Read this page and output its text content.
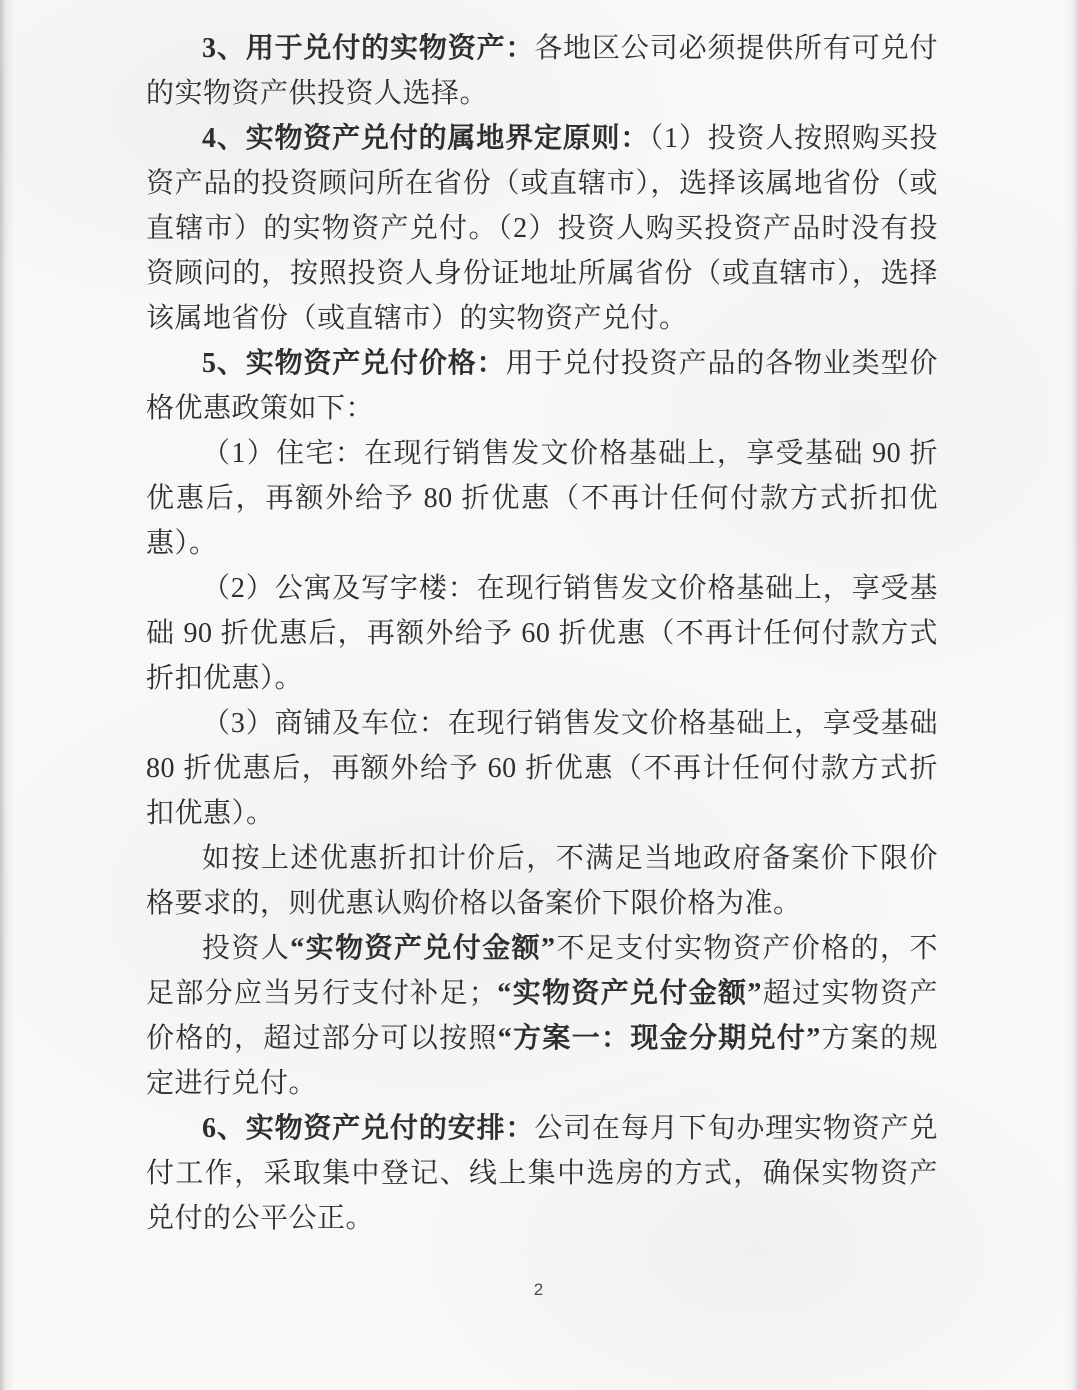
3、用于兑付的实物资产：各地区公司必须提供所有可兑付的实物资产供投资人选择。

4、实物资产兑付的属地界定原则：（1）投资人按照购买投资产品的投资顾问所在省份（或直辖市），选择该属地省份（或直辖市）的实物资产兑付。（2）投资人购买投资产品时没有投资顾问的，按照投资人身份证地址所属省份（或直辖市），选择该属地省份（或直辖市）的实物资产兑付。

5、实物资产兑付价格：用于兑付投资产品的各物业类型价格优惠政策如下：

（1）住宅：在现行销售发文价格基础上，享受基础 90 折优惠后，再额外给予 80 折优惠（不再计任何付款方式折扣优惠）。

（2）公寓及写字楼：在现行销售发文价格基础上，享受基础 90 折优惠后，再额外给予 60 折优惠（不再计任何付款方式折扣优惠）。

（3）商铺及车位：在现行销售发文价格基础上，享受基础 80 折优惠后，再额外给予 60 折优惠（不再计任何付款方式折扣优惠）。

如按上述优惠折扣计价后，不满足当地政府备案价下限价格要求的，则优惠认购价格以备案价下限价格为准。

投资人“实物资产兑付金额”不足支付实物资产价格的，不足部分应当另行支付补足；“实物资产兑付金额”超过实物资产价格的，超过部分可以按照“方案一：现金分期兑付”方案的规定进行兑付。

6、实物资产兑付的安排：公司在每月下旬办理实物资产兑付工作，采取集中登记、线上集中选房的方式，确保实物资产兑付的公平公正。

2
